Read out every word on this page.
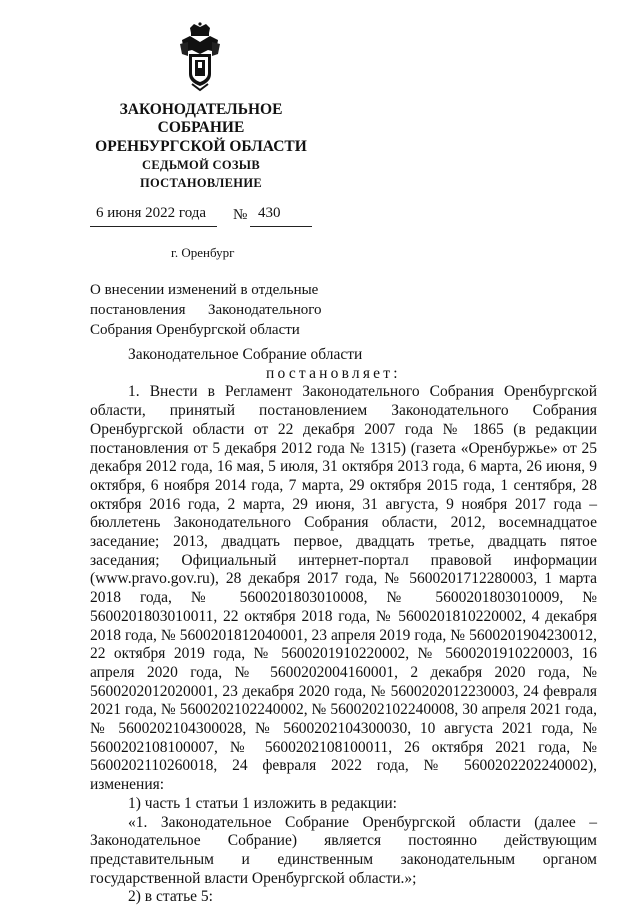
ЗАКОНОДАТЕЛЬНОЕ
СОБРАНИЕ
ОРЕНБУРГСКОЙ ОБЛАСТИ
СЕДЬМОЙ СОЗЫВ
ПОСТАНОВЛЕНИЕ
6 июня 2022 года № 430
г. Оренбург
О внесении изменений в отдельные
постановления      Законодательного
Собрания Оренбургской области

Законодательное Собрание области

постановляет:

1. Внести в Регламент Законодательного Собрания Оренбургской области, принятый постановлением Законодательного Собрания Оренбургской области от 22 декабря 2007 года № 1865 (в редакции постановления от 5 декабря 2012 года № 1315) (газета «Оренбуржье» от 25 декабря 2012 года, 16 мая, 5 июля, 31 октября 2013 года, 6 марта, 26 июня, 9 октября, 6 ноября 2014 года, 7 марта, 29 октября 2015 года, 1 сентября, 28 октября 2016 года, 2 марта, 29 июня, 31 августа, 9 ноября 2017 года – бюллетень Законодательного Собрания области, 2012, восемнадцатое заседание; 2013, двадцать первое, двадцать третье, двадцать пятое заседания; Официальный интернет-портал правовой информации (www.pravo.gov.ru), 28 декабря 2017 года, № 5600201712280003, 1 марта 2018 года, № 5600201803010008, № 5600201803010009, № 5600201803010011, 22 октября 2018 года, № 5600201810220002, 4 декабря 2018 года, № 5600201812040001, 23 апреля 2019 года, № 5600201904230012, 22 октября 2019 года, № 5600201910220002, № 5600201910220003, 16 апреля 2020 года, № 5600202004160001, 2 декабря 2020 года, № 5600202012020001, 23 декабря 2020 года, № 5600202012230003, 24 февраля 2021 года, № 5600202102240002, № 5600202102240008, 30 апреля 2021 года, № 5600202104300028, № 5600202104300030, 10 августа 2021 года, № 5600202108100007, № 5600202108100011, 26 октября 2021 года, № 5600202110260018, 24 февраля 2022 года, № 5600202202240002), изменения:

1) часть 1 статьи 1 изложить в редакции:

«1. Законодательное Собрание Оренбургской области (далее – Законодательное Собрание) является постоянно действующим представительным и единственным законодательным органом государственной власти Оренбургской области.»;

2) в статье 5:
